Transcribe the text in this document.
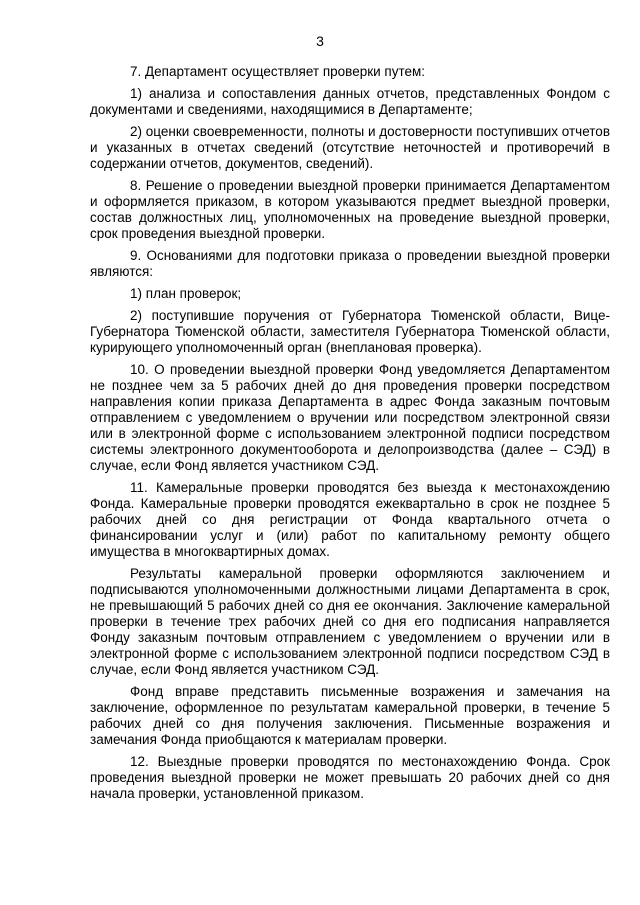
3

7. Департамент осуществляет проверки путем:

1) анализа и сопоставления данных отчетов, представленных Фондом с документами и сведениями, находящимися в Департаменте;

2) оценки своевременности, полноты и достоверности поступивших отчетов и указанных в отчетах сведений (отсутствие неточностей и противоречий в содержании отчетов, документов, сведений).

8. Решение о проведении выездной проверки принимается Департаментом и оформляется приказом, в котором указываются предмет выездной проверки, состав должностных лиц, уполномоченных на проведение выездной проверки, срок проведения выездной проверки.

9. Основаниями для подготовки приказа о проведении выездной проверки являются:

1) план проверок;

2) поступившие поручения от Губернатора Тюменской области, Вице-Губернатора Тюменской области, заместителя Губернатора Тюменской области, курирующего уполномоченный орган (внеплановая проверка).

10. О проведении выездной проверки Фонд уведомляется Департаментом не позднее чем за 5 рабочих дней до дня проведения проверки посредством направления копии приказа Департамента в адрес Фонда заказным почтовым отправлением с уведомлением о вручении или посредством электронной связи или в электронной форме с использованием электронной подписи посредством системы электронного документооборота и делопроизводства (далее – СЭД) в случае, если Фонд является участником СЭД.

11. Камеральные проверки проводятся без выезда к местонахождению Фонда. Камеральные проверки проводятся ежеквартально в срок не позднее 5 рабочих дней со дня регистрации от Фонда квартального отчета о финансировании услуг и (или) работ по капитальному ремонту общего имущества в многоквартирных домах.

Результаты камеральной проверки оформляются заключением и подписываются уполномоченными должностными лицами Департамента в срок, не превышающий 5 рабочих дней со дня ее окончания. Заключение камеральной проверки в течение трех рабочих дней со дня его подписания направляется Фонду заказным почтовым отправлением с уведомлением о вручении или в электронной форме с использованием электронной подписи посредством СЭД в случае, если Фонд является участником СЭД.

Фонд вправе представить письменные возражения и замечания на заключение, оформленное по результатам камеральной проверки, в течение 5 рабочих дней со дня получения заключения. Письменные возражения и замечания Фонда приобщаются к материалам проверки.

12. Выездные проверки проводятся по местонахождению Фонда. Срок проведения выездной проверки не может превышать 20 рабочих дней со дня начала проверки, установленной приказом.
